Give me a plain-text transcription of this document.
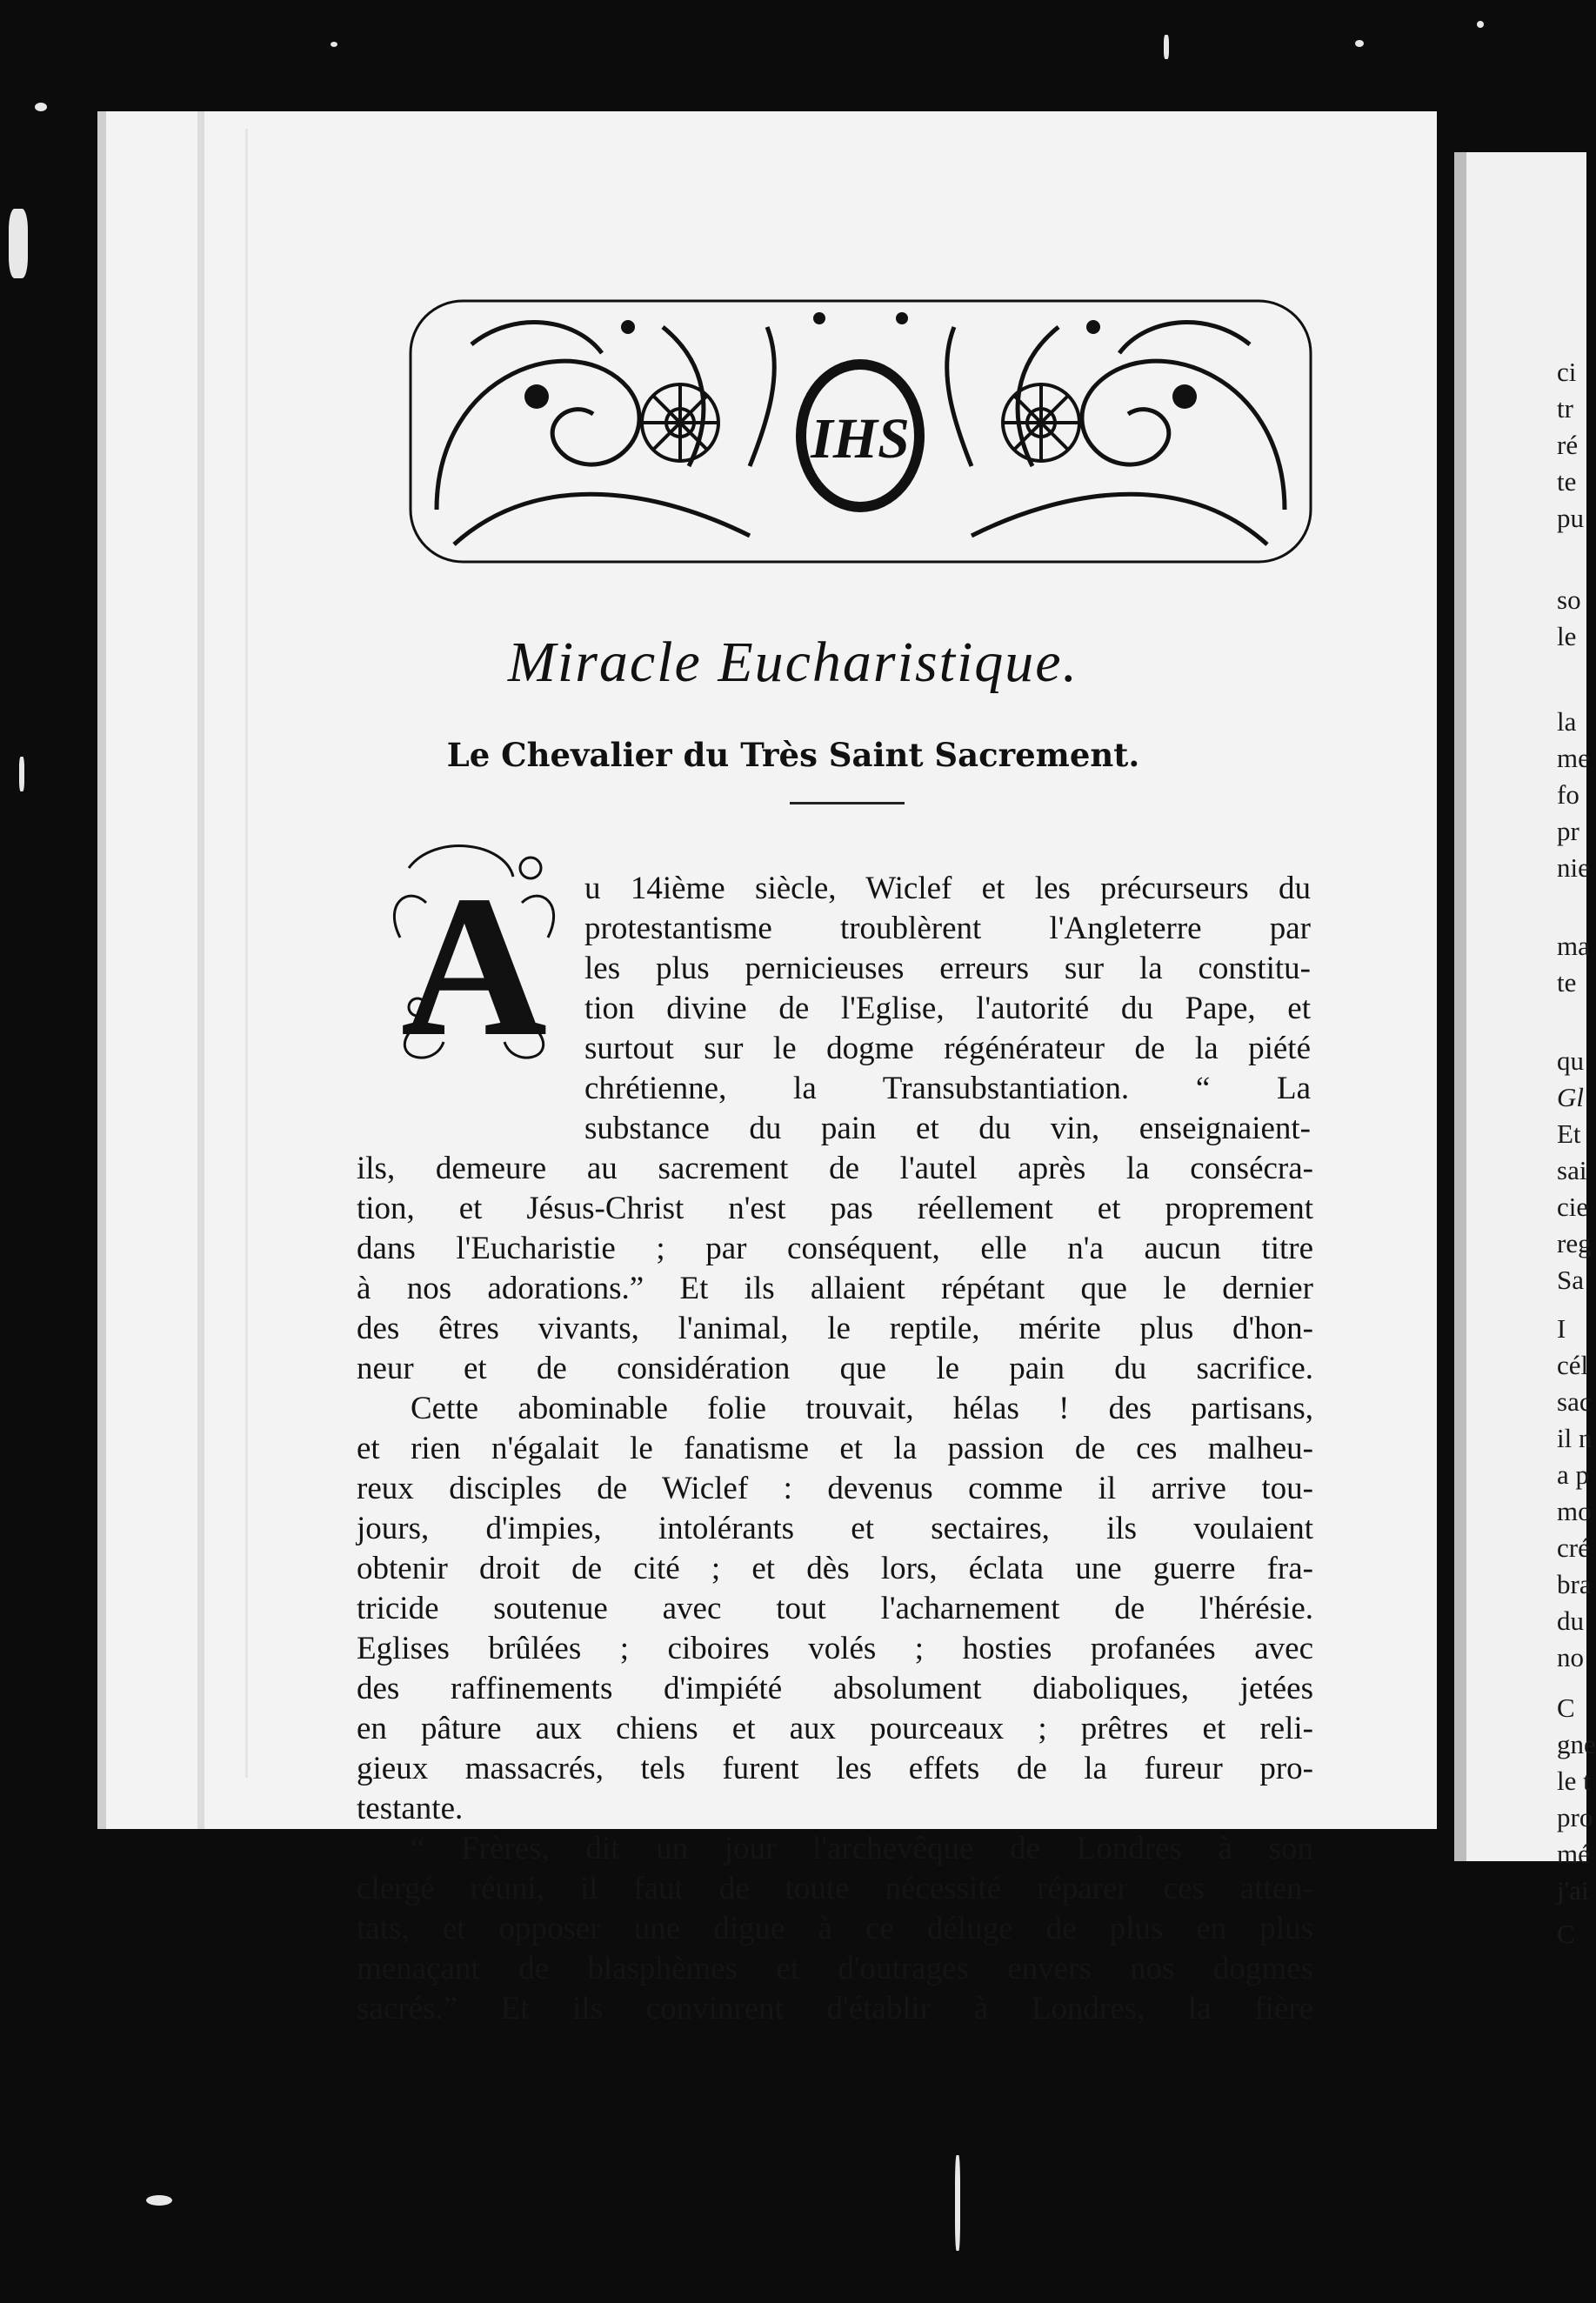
IHS
Miracle Eucharistique.
Le Chevalier du Très Saint Sacrement.
A u 14ième siècle, Wiclef et les précurseurs du
protestantisme troublèrent l'Angleterre par
les plus pernicieuses erreurs sur la constitu-
tion divine de l'Eglise, l'autorité du Pape, et
surtout sur le dogme régénérateur de la piété
chrétienne, la Transubstantiation. “ La
substance du pain et du vin, enseignaient-
ils, demeure au sacrement de l'autel après la consécra-
tion, et Jésus-Christ n'est pas réellement et proprement
dans l'Eucharistie ; par conséquent, elle n'a aucun titre
à nos adorations.” Et ils allaient répétant que le dernier
des êtres vivants, l'animal, le reptile, mérite plus d'hon-
neur et de considération que le pain du sacrifice.
Cette abominable folie trouvait, hélas ! des partisans,
et rien n'égalait le fanatisme et la passion de ces malheu-
reux disciples de Wiclef : devenus comme il arrive tou-
jours, d'impies, intolérants et sectaires, ils voulaient
obtenir droit de cité ; et dès lors, éclata une guerre fra-
tricide soutenue avec tout l'acharnement de l'hérésie.
Eglises brûlées ; ciboires volés ; hosties profanées avec
des raffinements d'impiété absolument diaboliques, jetées
en pâture aux chiens et aux pourceaux ; prêtres et reli-
gieux massacrés, tels furent les effets de la fureur pro-
testante.
“ Frères, dit un jour l'archevêque de Londres à son
clergé réuni, il faut de toute nécessité réparer ces atten-
tats, et opposer une digue à ce déluge de plus en plus
menaçant de blasphèmes et d'outrages envers nos dogmes
sacrés.” Et ils convinrent d'établir à Londres, la fière
ci
tr
ré
te
pu
so
le
la
me
fo
pr
nie
ma
te
qu
Gl
Et
sai
cie
reg
Sa
I
cél
sac
il n
a p
mo
cré
bra
du
no
C
gne
le t
pro
mé
j'ai
C
